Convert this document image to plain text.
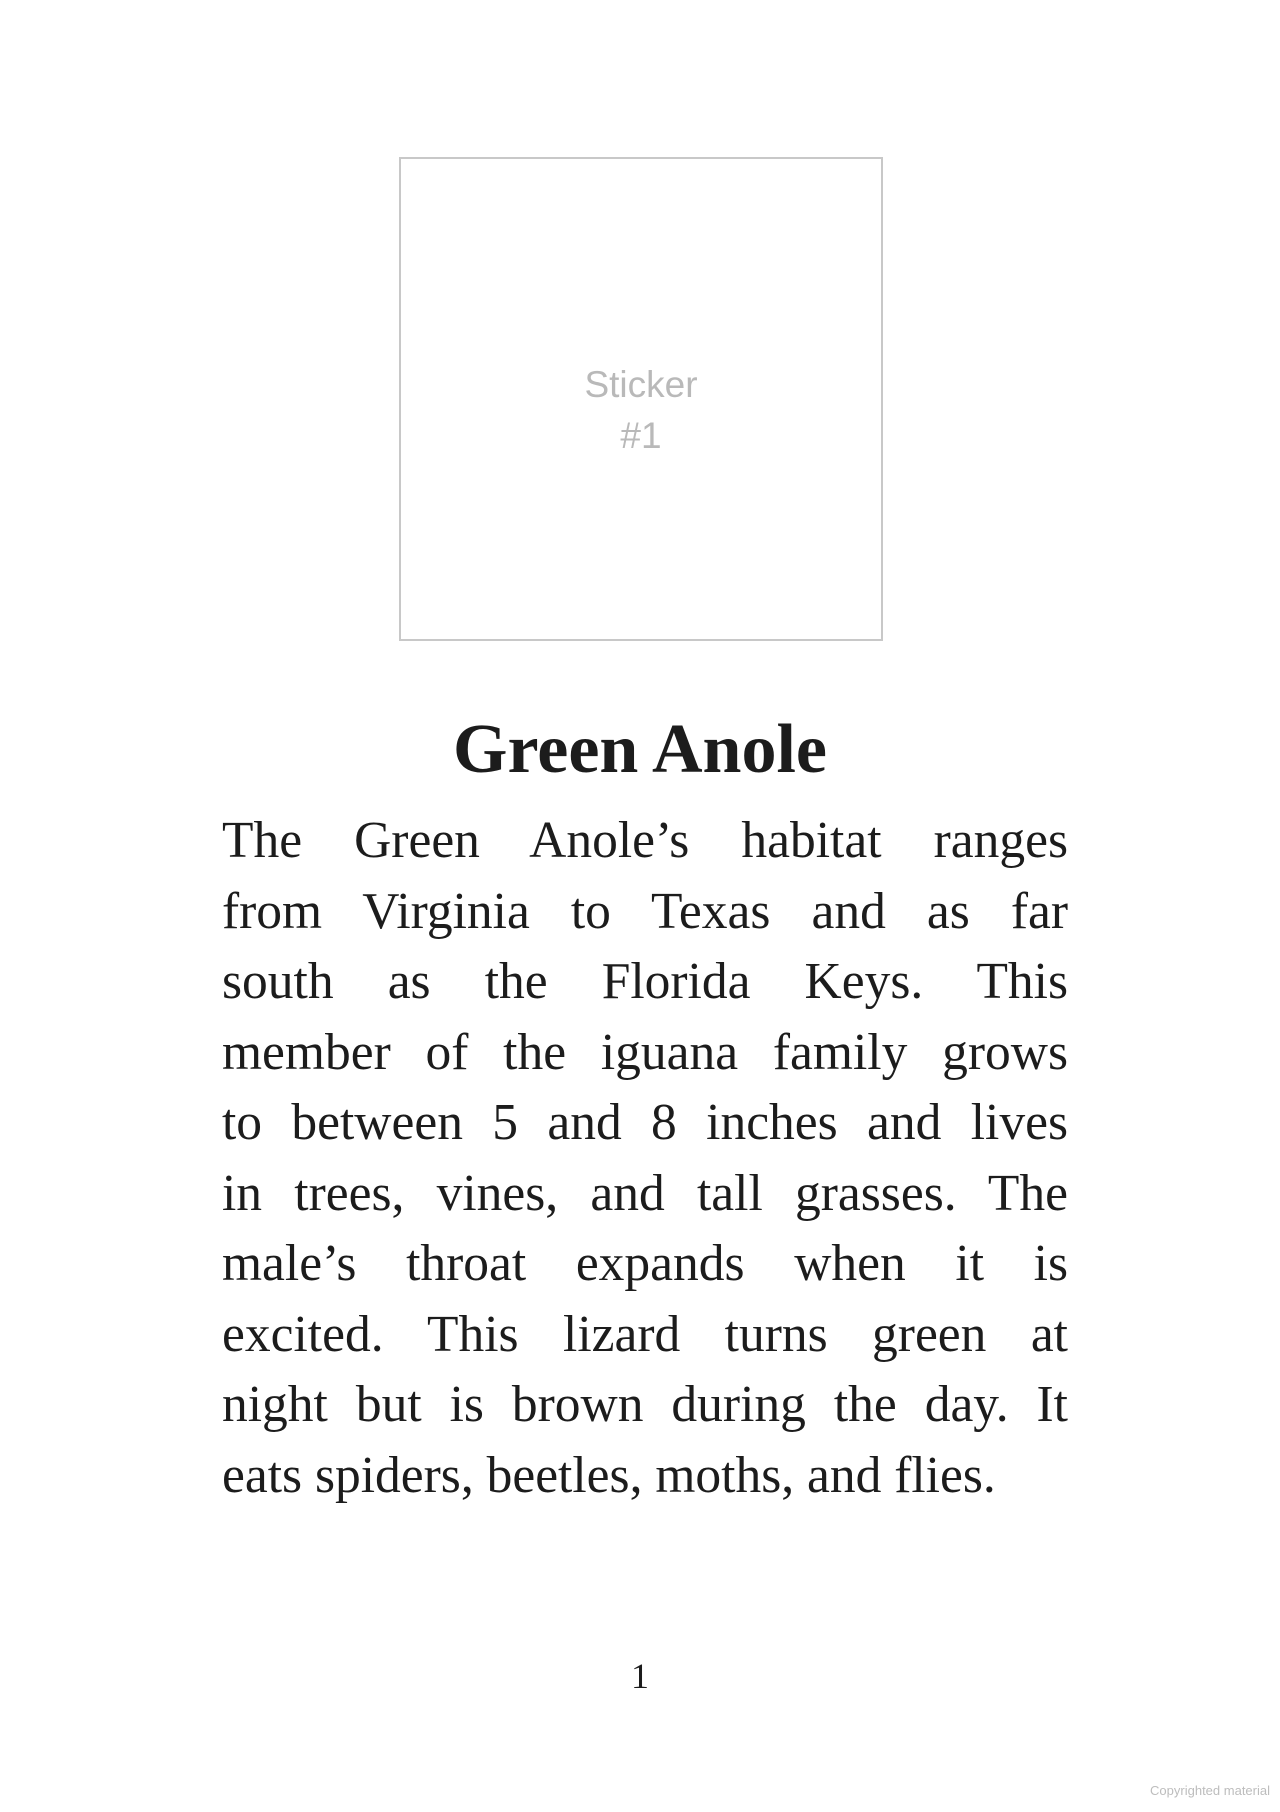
Sticker
#1
Green Anole
The Green Anole’s habitat ranges
from Virginia to Texas and as far
south as the Florida Keys. This
member of the iguana family grows
to between 5 and 8 inches and lives
in trees, vines, and tall grasses. The
male’s throat expands when it is
excited. This lizard turns green at
night but is brown during the day. It
eats spiders, beetles, moths, and flies.
1
Copyrighted material
